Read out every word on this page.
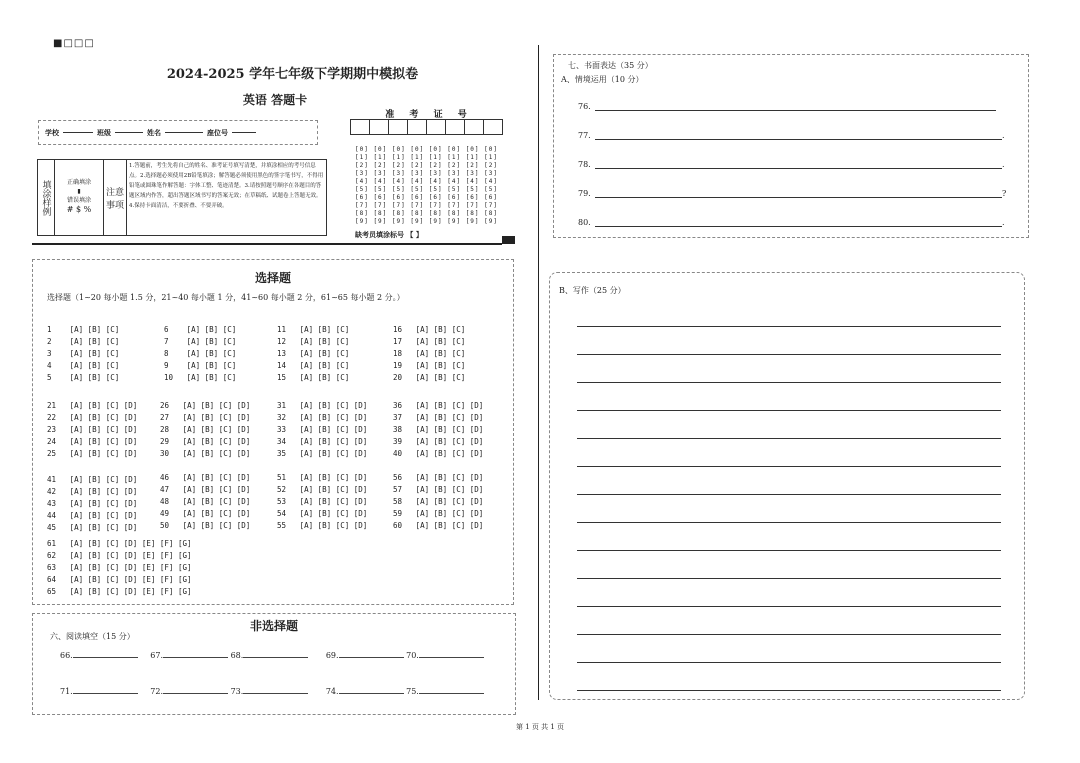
■□□□
2024-2025 学年七年级下学期期中模拟卷
英语 答题卡
学校	班级	姓名	座位号
准 考 证 号
[0] [0] [0] [0] [0] [0] [0] [0]
[1] [1] [1] [1] [1] [1] [1] [1]
[2] [2] [2] [2] [2] [2] [2] [2]
[3] [3] [3] [3] [3] [3] [3] [3]
[4] [4] [4] [4] [4] [4] [4] [4]
[5] [5] [5] [5] [5] [5] [5] [5]
[6] [6] [6] [6] [6] [6] [6] [6]
[7] [7] [7] [7] [7] [7] [7] [7]
[8] [8] [8] [8] [8] [8] [8] [8]
[9] [9] [9] [9] [9] [9] [9] [9]
缺考员填涂标号 【 】
填涂样例	正确填涂
▮
错误填涂
# $ %
注意事项
1.答题前，考生先将自己的姓名、准考证号填写清楚，并填涂相应的考号信息点。2.选择题必须使用2B铅笔填涂；解答题必须使用黑色的签字笔书写，不得用铅笔或圆珠笔作解答题：字体工整、笔迹清楚。3.请按照题号顺序在各题目的答题区域内作答，超出答题区域书写的答案无效；在草稿纸、试题卷上答题无效。4.保持卡面清洁，不要折叠、不要弄破。
选择题
选择题（1~20 每小题 1.5 分，21~40 每小题 1 分，41~60 每小题 2 分，61~65 每小题 2 分。）
1    [A] [B] [C]
2    [A] [B] [C]
3    [A] [B] [C]
4    [A] [B] [C]
5    [A] [B] [C]
6    [A] [B] [C]
7    [A] [B] [C]
8    [A] [B] [C]
9    [A] [B] [C]
10   [A] [B] [C]
11   [A] [B] [C]
12   [A] [B] [C]
13   [A] [B] [C]
14   [A] [B] [C]
15   [A] [B] [C]
16   [A] [B] [C]
17   [A] [B] [C]
18   [A] [B] [C]
19   [A] [B] [C]
20   [A] [B] [C]
21   [A] [B] [C] [D]
22   [A] [B] [C] [D]
23   [A] [B] [C] [D]
24   [A] [B] [C] [D]
25   [A] [B] [C] [D]
26   [A] [B] [C] [D]
27   [A] [B] [C] [D]
28   [A] [B] [C] [D]
29   [A] [B] [C] [D]
30   [A] [B] [C] [D]
31   [A] [B] [C] [D]
32   [A] [B] [C] [D]
33   [A] [B] [C] [D]
34   [A] [B] [C] [D]
35   [A] [B] [C] [D]
36   [A] [B] [C] [D]
37   [A] [B] [C] [D]
38   [A] [B] [C] [D]
39   [A] [B] [C] [D]
40   [A] [B] [C] [D]
41   [A] [B] [C] [D]
42   [A] [B] [C] [D]
43   [A] [B] [C] [D]
44   [A] [B] [C] [D]
45   [A] [B] [C] [D]
46   [A] [B] [C] [D]
47   [A] [B] [C] [D]
48   [A] [B] [C] [D]
49   [A] [B] [C] [D]
50   [A] [B] [C] [D]
51   [A] [B] [C] [D]
52   [A] [B] [C] [D]
53   [A] [B] [C] [D]
54   [A] [B] [C] [D]
55   [A] [B] [C] [D]
56   [A] [B] [C] [D]
57   [A] [B] [C] [D]
58   [A] [B] [C] [D]
59   [A] [B] [C] [D]
60   [A] [B] [C] [D]
61   [A] [B] [C] [D] [E] [F] [G]
62   [A] [B] [C] [D] [E] [F] [G]
63   [A] [B] [C] [D] [E] [F] [G]
64   [A] [B] [C] [D] [E] [F] [G]
65   [A] [B] [C] [D] [E] [F] [G]
非选择题
六、阅读填空（15 分）
66.	67.	68.	69.	70.
71.	72.	73.	74.	75.
七、书面表达（35 分）
A、情境运用（10 分）
76.
77.	.
78.	.
79.	?
80.	.
B、写作（25 分）
第 1 页 共 1 页
